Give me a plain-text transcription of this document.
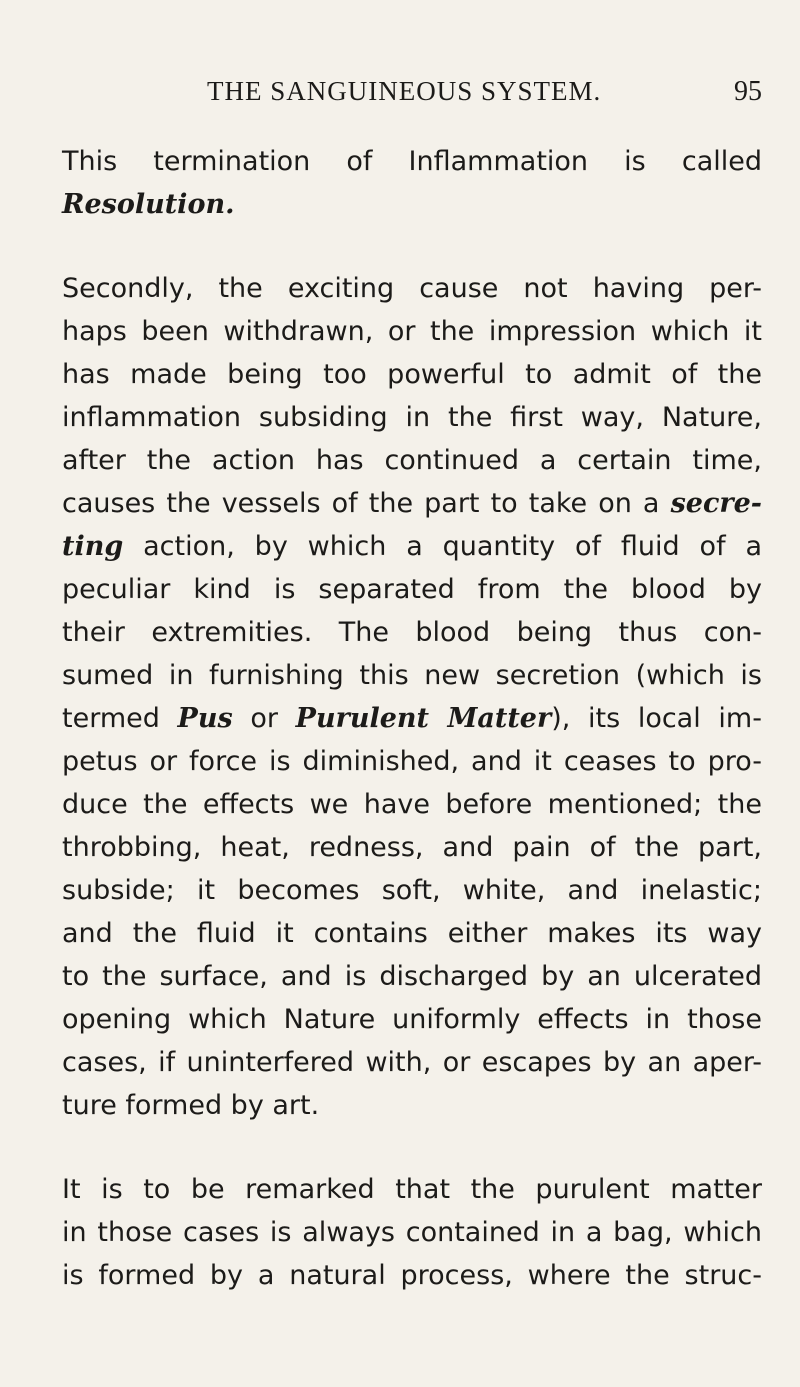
THE SANGUINEOUS SYSTEM.	95

This termination of Inflammation is called
Resolution.

Secondly, the exciting cause not having per-
haps been withdrawn, or the impression which it
has made being too powerful to admit of the
inflammation subsiding in the first way, Nature,
after the action has continued a certain time,
causes the vessels of the part to take on a secre-
ting action, by which a quantity of fluid of a
peculiar kind is separated from the blood by
their extremities. The blood being thus con-
sumed in furnishing this new secretion (which is
termed Pus or Purulent Matter), its local im-
petus or force is diminished, and it ceases to pro-
duce the effects we have before mentioned; the
throbbing, heat, redness, and pain of the part,
subside; it becomes soft, white, and inelastic;
and the fluid it contains either makes its way
to the surface, and is discharged by an ulcerated
opening which Nature uniformly effects in those
cases, if uninterfered with, or escapes by an aper-
ture formed by art.

It is to be remarked that the purulent matter
in those cases is always contained in a bag, which
is formed by a natural process, where the struc-
